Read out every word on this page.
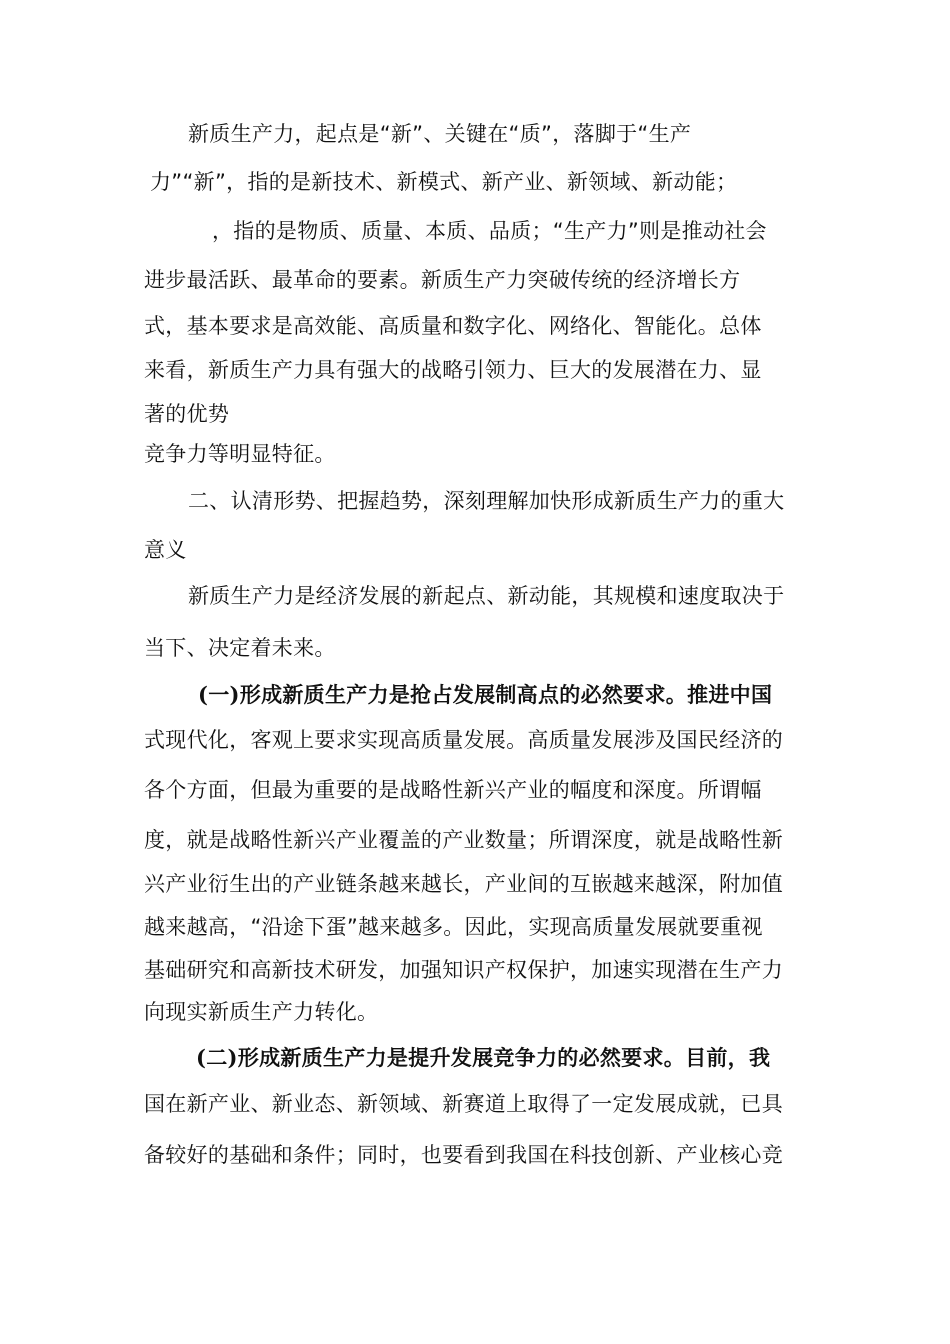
新质生产力，起点是“新”、关键在“质”，落脚于“生产
力”“新”，指的是新技术、新模式、新产业、新领域、新动能；
，指的是物质、质量、本质、品质；“生产力”则是推动社会
进步最活跃、最革命的要素。新质生产力突破传统的经济增长方
式，基本要求是高效能、高质量和数字化、网络化、智能化。总体
来看，新质生产力具有强大的战略引领力、巨大的发展潜在力、显
著的优势
竞争力等明显特征。
二、认清形势、把握趋势，深刻理解加快形成新质生产力的重大
意义
新质生产力是经济发展的新起点、新动能，其规模和速度取决于
当下、决定着未来。
(一)形成新质生产力是抢占发展制高点的必然要求。推进中国
式现代化，客观上要求实现高质量发展。高质量发展涉及国民经济的
各个方面，但最为重要的是战略性新兴产业的幅度和深度。所谓幅
度，就是战略性新兴产业覆盖的产业数量；所谓深度，就是战略性新
兴产业衍生出的产业链条越来越长，产业间的互嵌越来越深，附加值
越来越高，“沿途下蛋”越来越多。因此，实现高质量发展就要重视
基础研究和高新技术研发，加强知识产权保护，加速实现潜在生产力
向现实新质生产力转化。
(二)形成新质生产力是提升发展竞争力的必然要求。目前，我
国在新产业、新业态、新领域、新赛道上取得了一定发展成就，已具
备较好的基础和条件；同时，也要看到我国在科技创新、产业核心竞
